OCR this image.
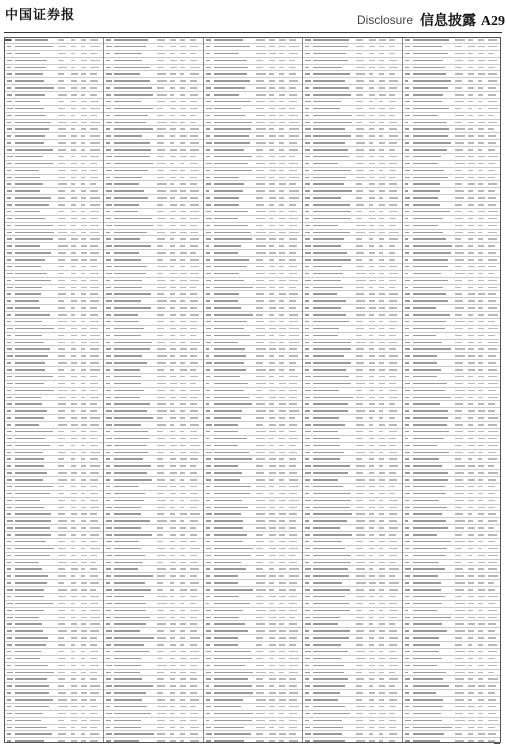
中国证券报	Disclosure 信息披露 A29
